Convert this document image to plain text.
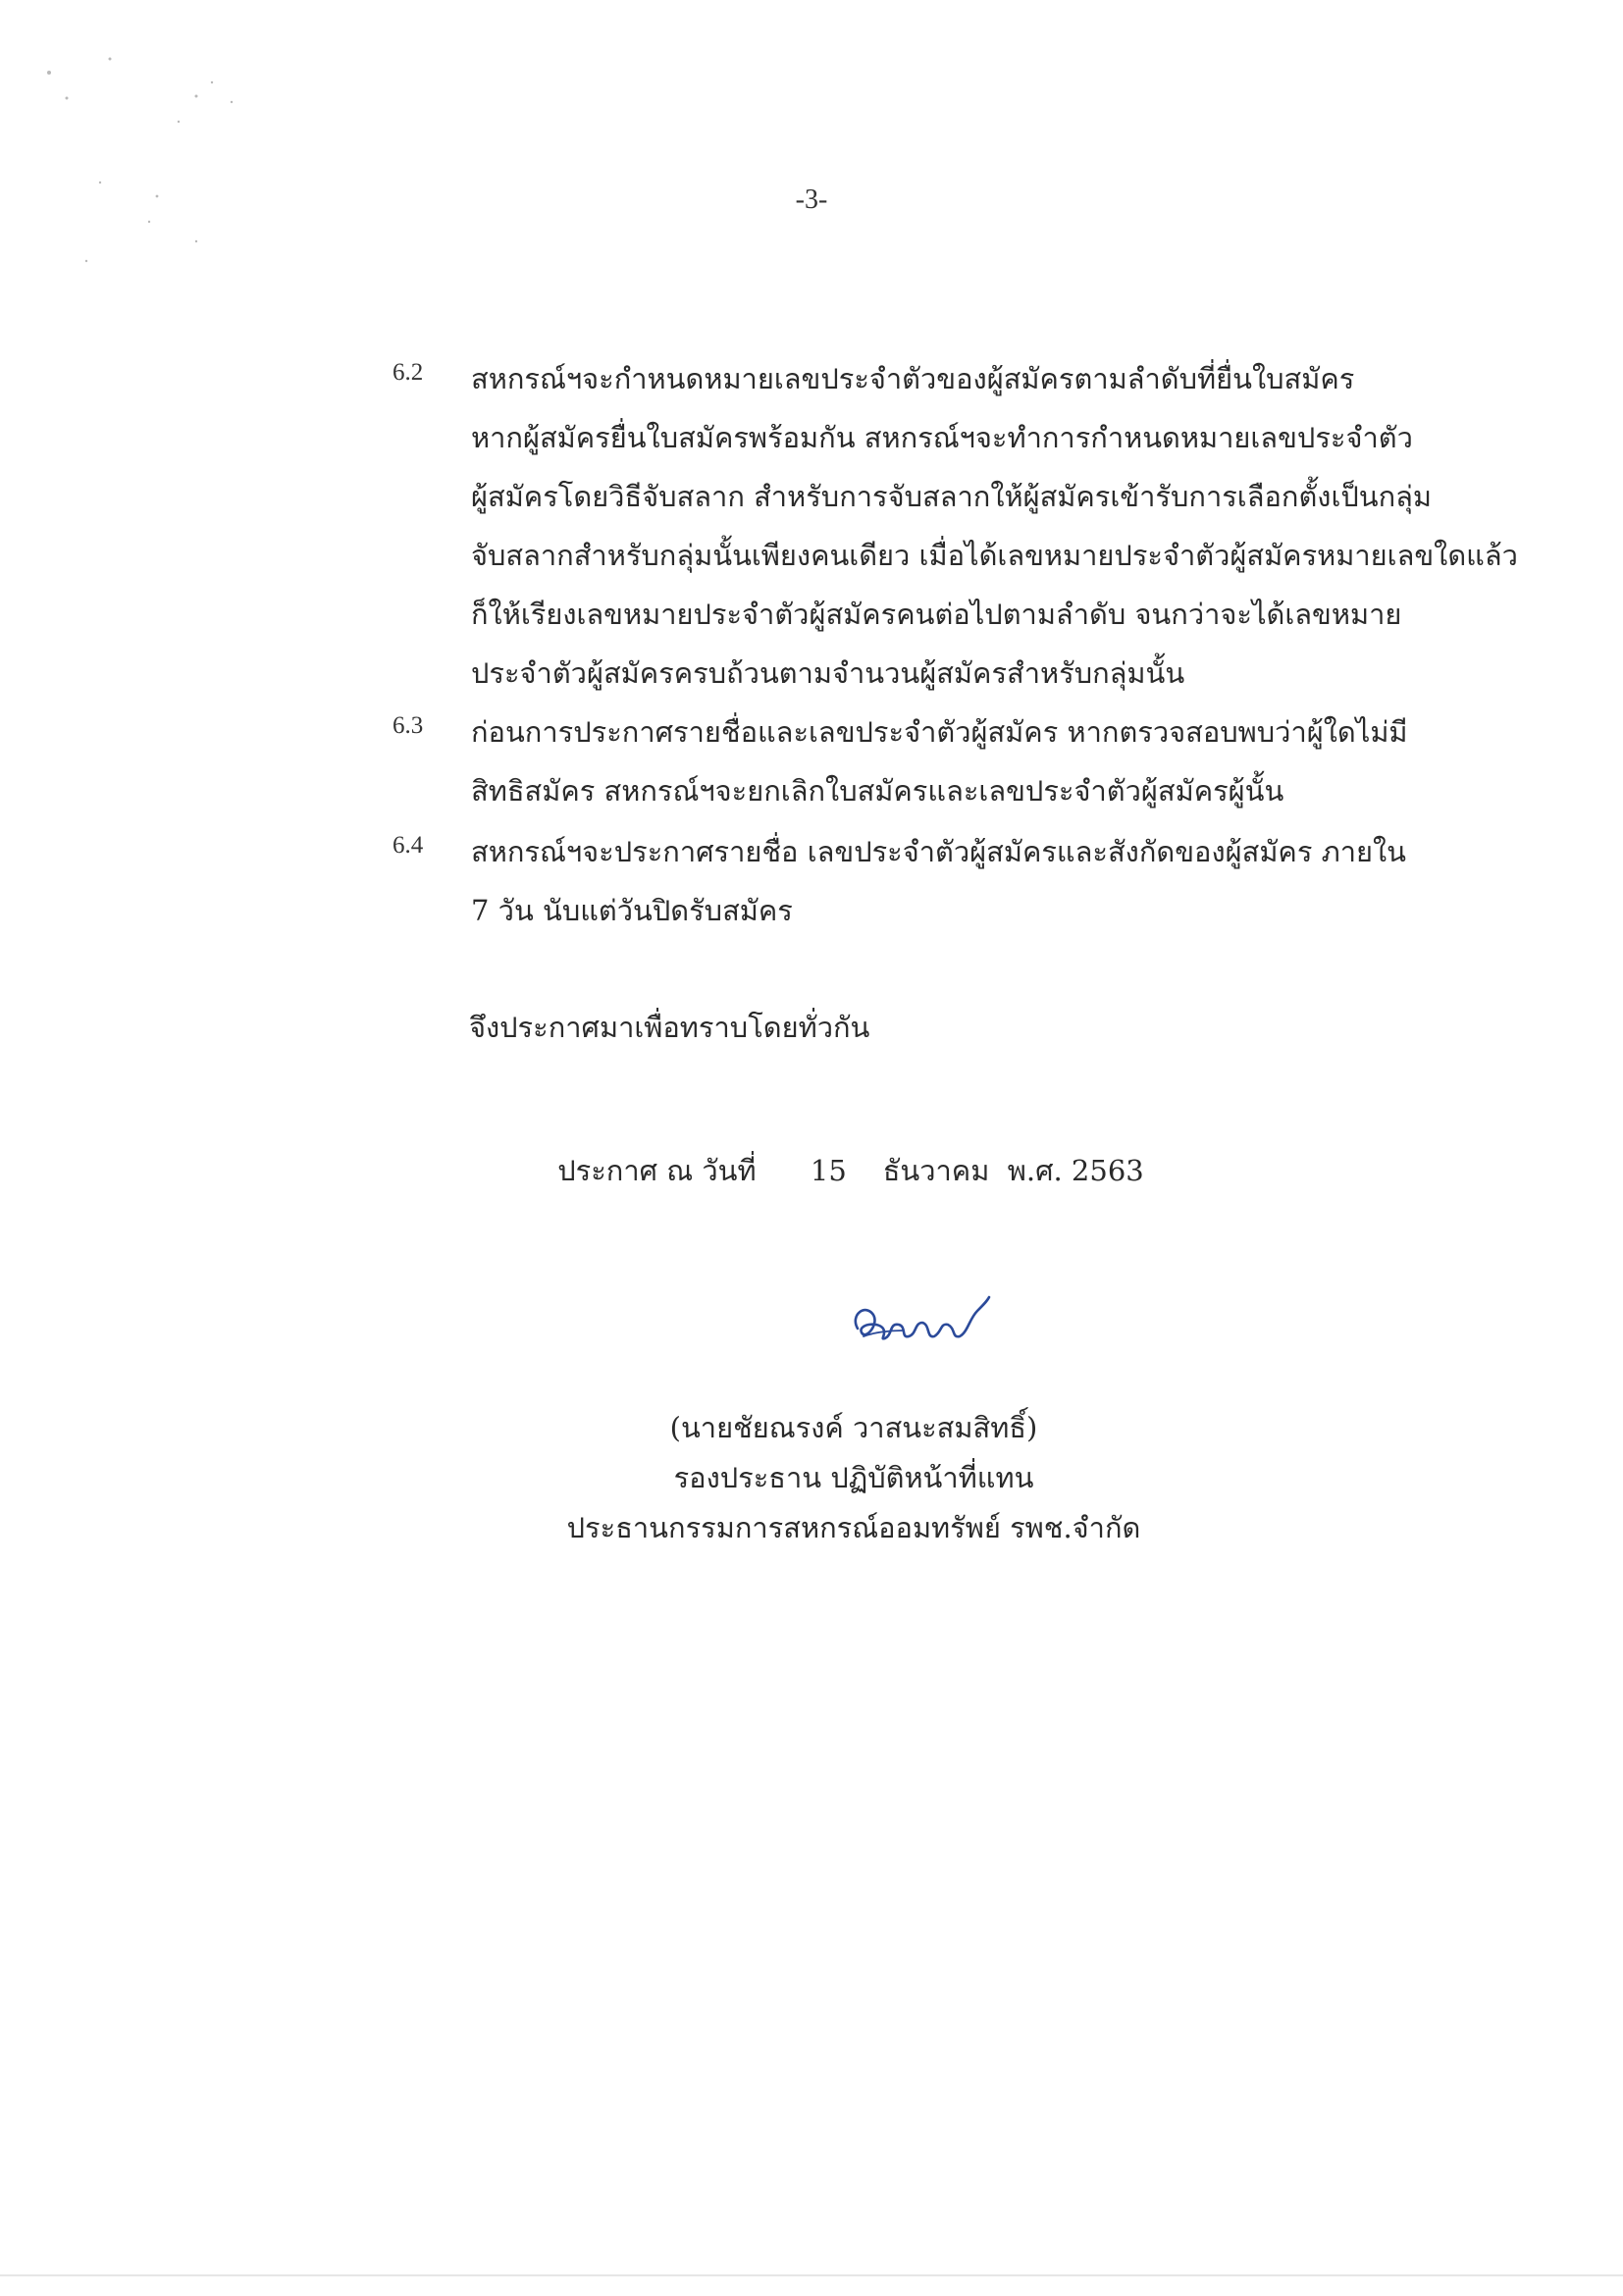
-3-
6.2 สหกรณ์ฯจะกำหนดหมายเลขประจำตัวของผู้สมัครตามลำดับที่ยื่นใบสมัคร
หากผู้สมัครยื่นใบสมัครพร้อมกัน สหกรณ์ฯจะทำการกำหนดหมายเลขประจำตัว
ผู้สมัครโดยวิธีจับสลาก สำหรับการจับสลากให้ผู้สมัครเข้ารับการเลือกตั้งเป็นกลุ่ม
จับสลากสำหรับกลุ่มนั้นเพียงคนเดียว เมื่อได้เลขหมายประจำตัวผู้สมัครหมายเลขใดแล้ว
ก็ให้เรียงเลขหมายประจำตัวผู้สมัครคนต่อไปตามลำดับ จนกว่าจะได้เลขหมาย
ประจำตัวผู้สมัครครบถ้วนตามจำนวนผู้สมัครสำหรับกลุ่มนั้น
6.3 ก่อนการประกาศรายชื่อและเลขประจำตัวผู้สมัคร หากตรวจสอบพบว่าผู้ใดไม่มี
สิทธิสมัคร สหกรณ์ฯจะยกเลิกใบสมัครและเลขประจำตัวผู้สมัครผู้นั้น
6.4 สหกรณ์ฯจะประกาศรายชื่อ เลขประจำตัวผู้สมัครและสังกัดของผู้สมัคร ภายใน
7 วัน นับแต่วันปิดรับสมัคร
จึงประกาศมาเพื่อทราบโดยทั่วกัน
ประกาศ ณ วันที่      15    ธันวาคม  พ.ศ. 2563
(นายชัยณรงค์ วาสนะสมสิทธิ์)
รองประธาน ปฏิบัติหน้าที่แทน
ประธานกรรมการสหกรณ์ออมทรัพย์ รพช.จำกัด
